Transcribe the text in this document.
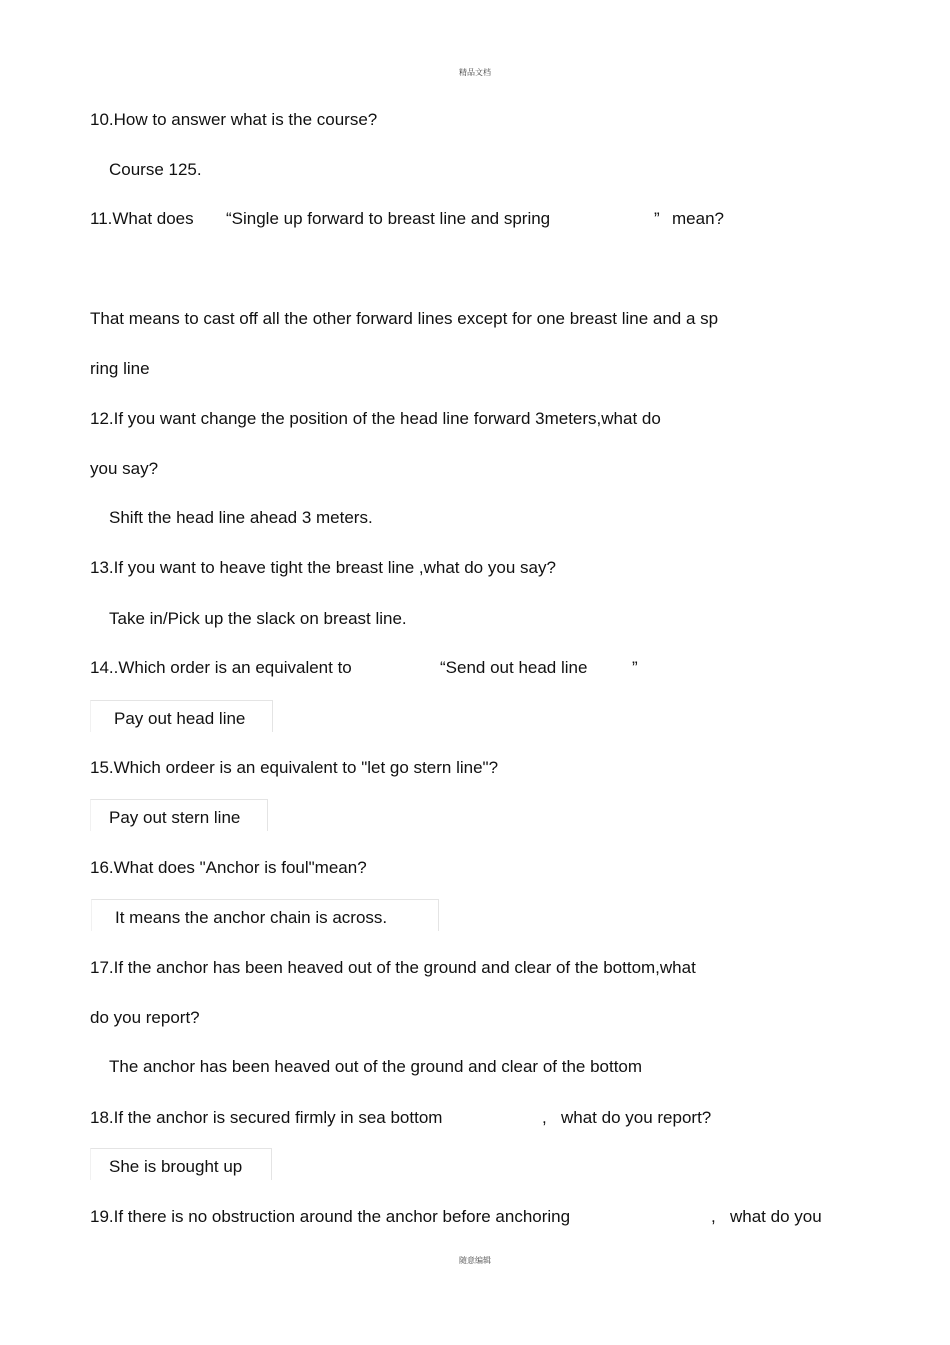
精品文档
10.How to answer what is the course?
Course 125.
11.What does “Single up forward to breast line and spring	” mean?
That means to cast off all the other forward lines except for one breast line and a sp
ring line
12.If you want change the position of the head line forward 3meters,what do
you say?
Shift the head line ahead 3 meters.
13.If you want to heave tight the breast line ,what do you say?
Take in/Pick up the slack on breast line.
14..Which order is an equivalent to	“Send out head line	”
Pay out head line
15.Which ordeer is an equivalent to "let go stern line"?
Pay out stern line
16.What does "Anchor is foul"mean?
It means the anchor chain is across.
17.If the anchor has been heaved out of the ground and clear of the bottom,what
do you report?
The anchor has been heaved out of the ground and clear of the bottom
18.If the anchor is secured firmly in sea bottom	, what do you report?
She is brought up
19.If there is no obstruction around the anchor before anchoring	, what do you
随意编辑
